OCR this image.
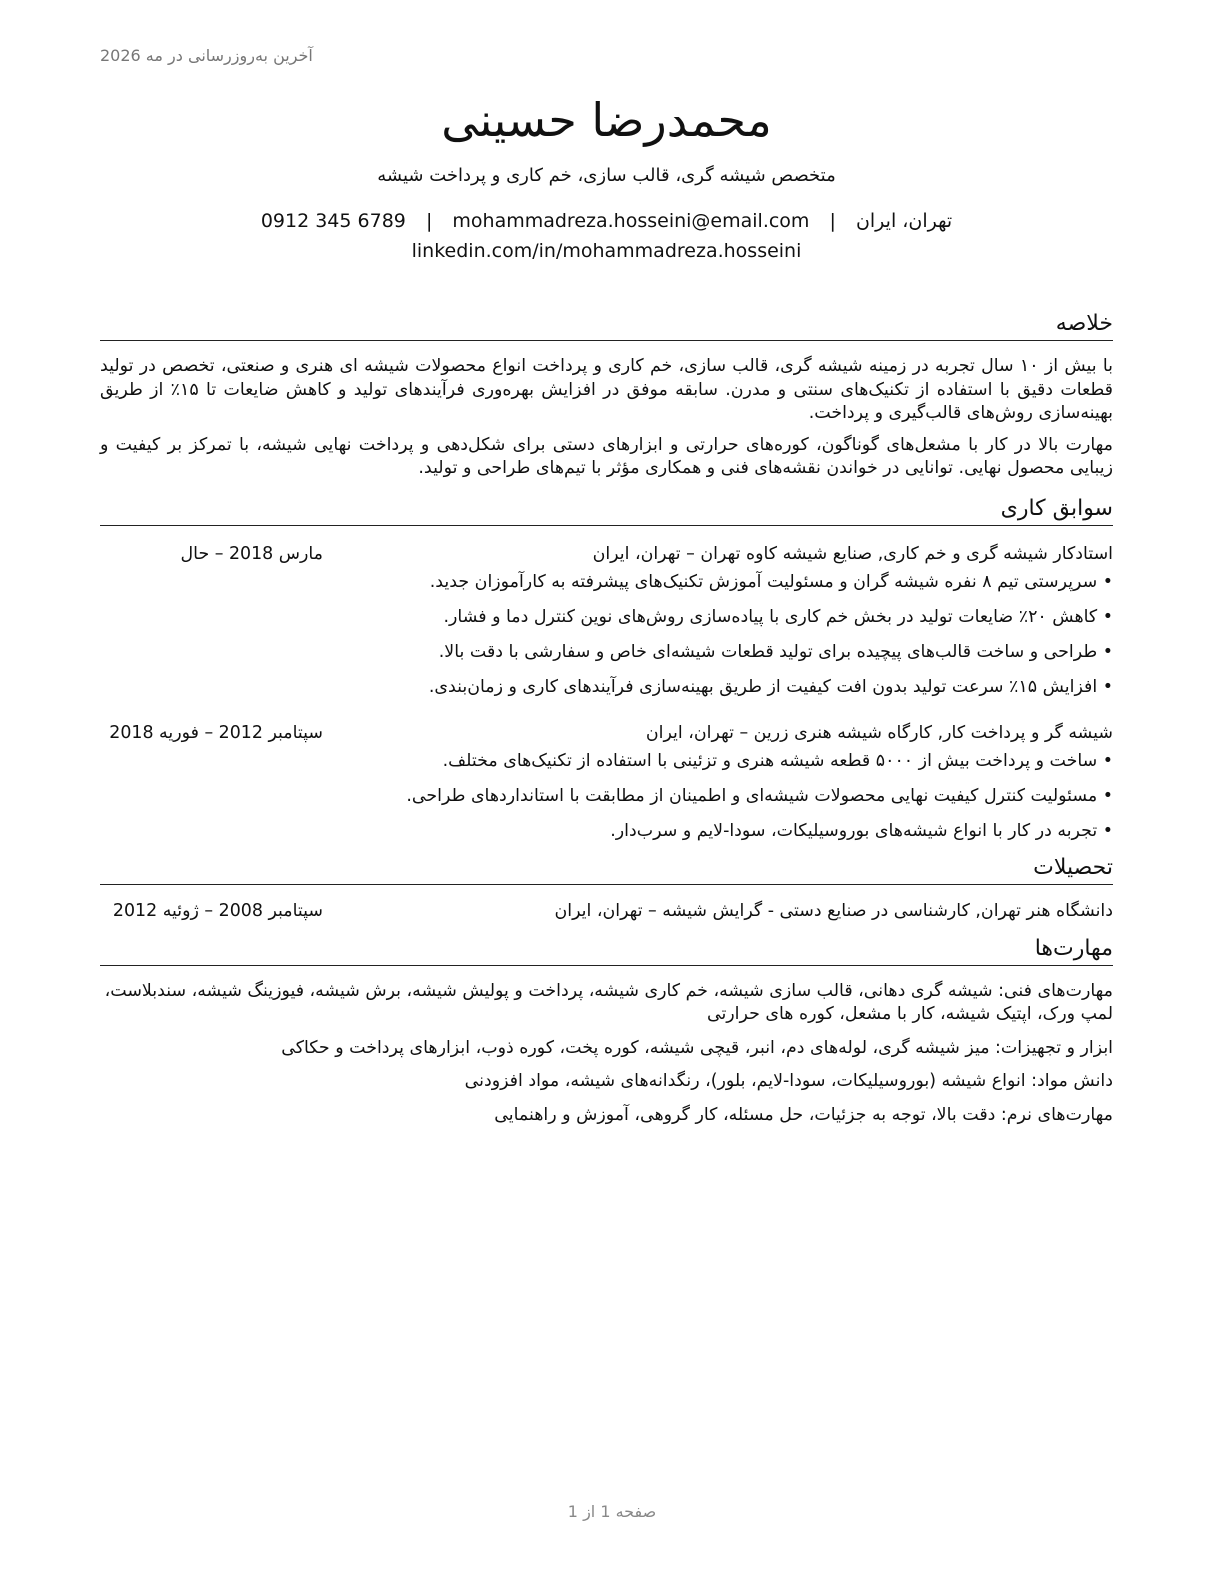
آخرین به‌روزرسانی در مه 2026
محمدرضا حسینی
متخصص شیشه گری، قالب سازی، خم کاری و پرداخت شیشه
تهران، ایران | mohammadreza.hosseini@email.com | 0912 345 6789
linkedin.com/in/mohammadreza.hosseini
خلاصه

با بیش از ۱۰ سال تجربه در زمینه شیشه گری، قالب سازی، خم کاری و پرداخت انواع محصولات شیشه ای هنری و صنعتی، تخصص در تولید قطعات دقیق با استفاده از تکنیک‌های سنتی و مدرن. سابقه موفق در افزایش بهره‌وری فرآیندهای تولید و کاهش ضایعات تا ۱۵٪ از طریق بهینه‌سازی روش‌های قالب‌گیری و پرداخت.

مهارت بالا در کار با مشعل‌های گوناگون، کوره‌های حرارتی و ابزارهای دستی برای شکل‌دهی و پرداخت نهایی شیشه، با تمرکز بر کیفیت و زیبایی محصول نهایی. توانایی در خواندن نقشه‌های فنی و همکاری مؤثر با تیم‌های طراحی و تولید.

سوابق کاری
استادکار شیشه گری و خم کاری, صنایع شیشه کاوه تهران – تهران، ایران
مارس 2018 – حال
• سرپرستی تیم ۸ نفره شیشه گران و مسئولیت آموزش تکنیک‌های پیشرفته به کارآموزان جدید.
• کاهش ۲۰٪ ضایعات تولید در بخش خم کاری با پیاده‌سازی روش‌های نوین کنترل دما و فشار.
• طراحی و ساخت قالب‌های پیچیده برای تولید قطعات شیشه‌ای خاص و سفارشی با دقت بالا.
• افزایش ۱۵٪ سرعت تولید بدون افت کیفیت از طریق بهینه‌سازی فرآیندهای کاری و زمان‌بندی.
شیشه گر و پرداخت کار, کارگاه شیشه هنری زرین – تهران، ایران
سپتامبر 2012 – فوریه 2018
• ساخت و پرداخت بیش از ۵۰۰۰ قطعه شیشه هنری و تزئینی با استفاده از تکنیک‌های مختلف.
• مسئولیت کنترل کیفیت نهایی محصولات شیشه‌ای و اطمینان از مطابقت با استانداردهای طراحی.
• تجربه در کار با انواع شیشه‌های بوروسیلیکات، سودا-لایم و سرب‌دار.
تحصیلات
دانشگاه هنر تهران, کارشناسی در صنایع دستی - گرایش شیشه – تهران، ایران
سپتامبر 2008 – ژوئیه 2012
مهارت‌ها

مهارت‌های فنی: شیشه گری دهانی، قالب سازی شیشه، خم کاری شیشه، پرداخت و پولیش شیشه، برش شیشه، فیوزینگ شیشه، سندبلاست، لمپ ورک، اپتیک شیشه، کار با مشعل، کوره های حرارتی

ابزار و تجهیزات: میز شیشه گری، لوله‌های دم، انبر، قیچی شیشه، کوره پخت، کوره ذوب، ابزارهای پرداخت و حکاکی

دانش مواد: انواع شیشه (بوروسیلیکات، سودا-لایم، بلور)، رنگدانه‌های شیشه، مواد افزودنی

مهارت‌های نرم: دقت بالا، توجه به جزئیات، حل مسئله، کار گروهی، آموزش و راهنمایی

صفحه 1 از 1
